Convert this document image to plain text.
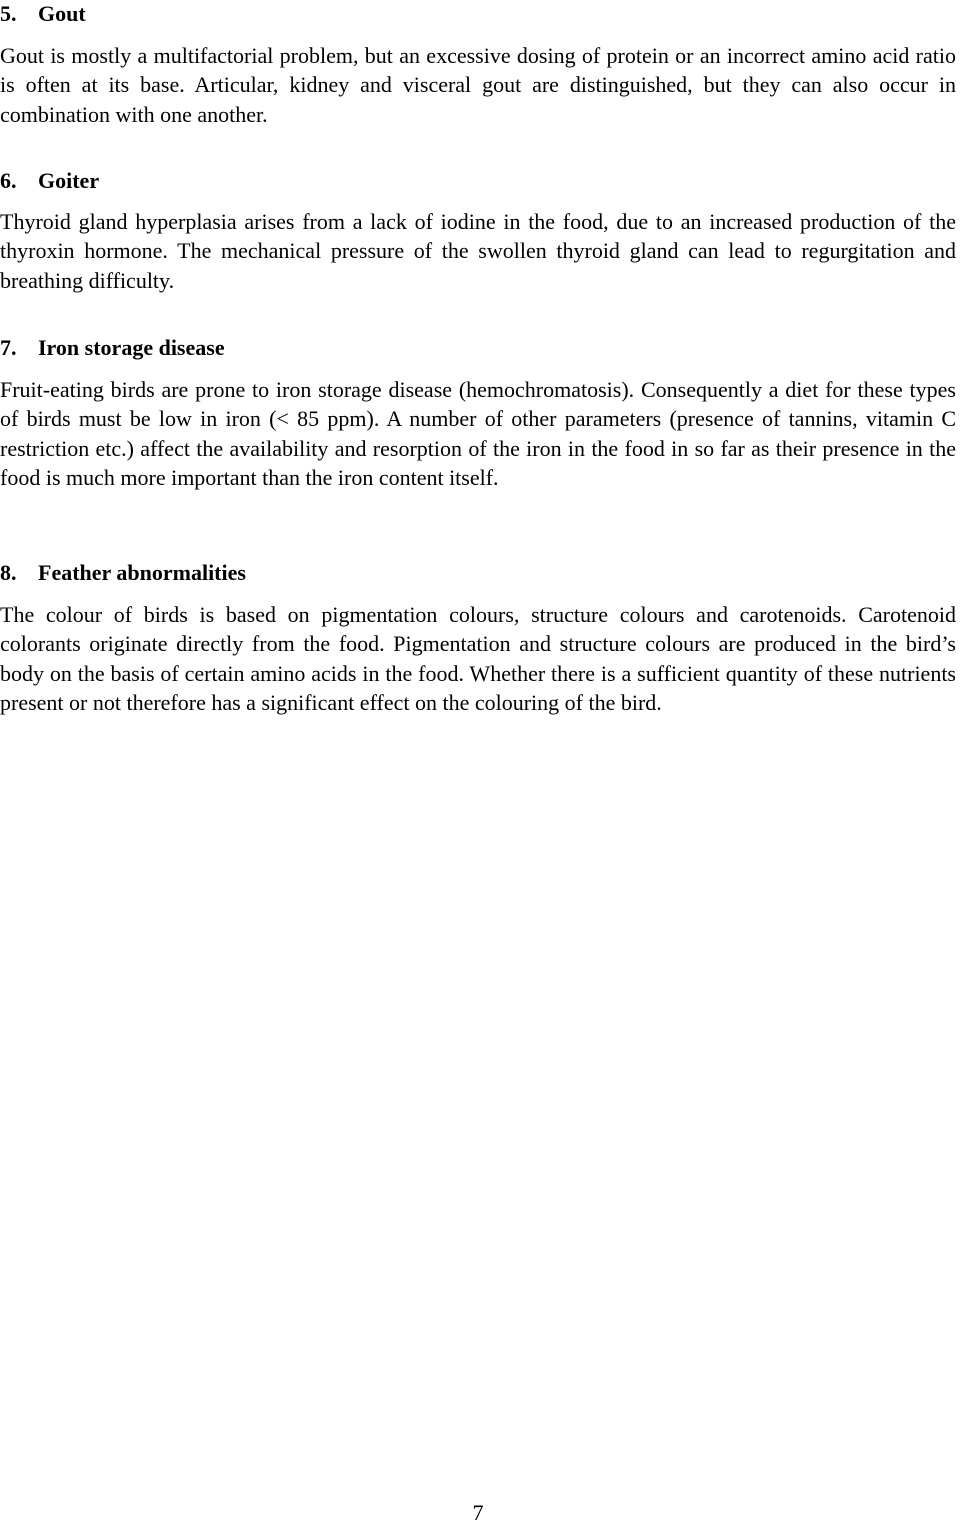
5. Gout

Gout is mostly a multifactorial problem, but an excessive dosing of protein or an incorrect amino acid ratio is often at its base. Articular, kidney and visceral gout are distinguished, but they can also occur in combination with one another.

6. Goiter

Thyroid gland hyperplasia arises from a lack of iodine in the food, due to an increased production of the thyroxin hormone. The mechanical pressure of the swollen thyroid gland can lead to regurgitation and breathing difficulty.

7. Iron storage disease

Fruit-eating birds are prone to iron storage disease (hemochromatosis). Consequently a diet for these types of birds must be low in iron (< 85 ppm). A number of other parameters (presence of tannins, vitamin C restriction etc.) affect the availability and resorption of the iron in the food in so far as their presence in the food is much more important than the iron content itself.

8. Feather abnormalities

The colour of birds is based on pigmentation colours, structure colours and carotenoids. Carotenoid colorants originate directly from the food. Pigmentation and structure colours are produced in the bird’s body on the basis of certain amino acids in the food. Whether there is a sufficient quantity of these nutrients present or not therefore has a significant effect on the colouring of the bird.

7
